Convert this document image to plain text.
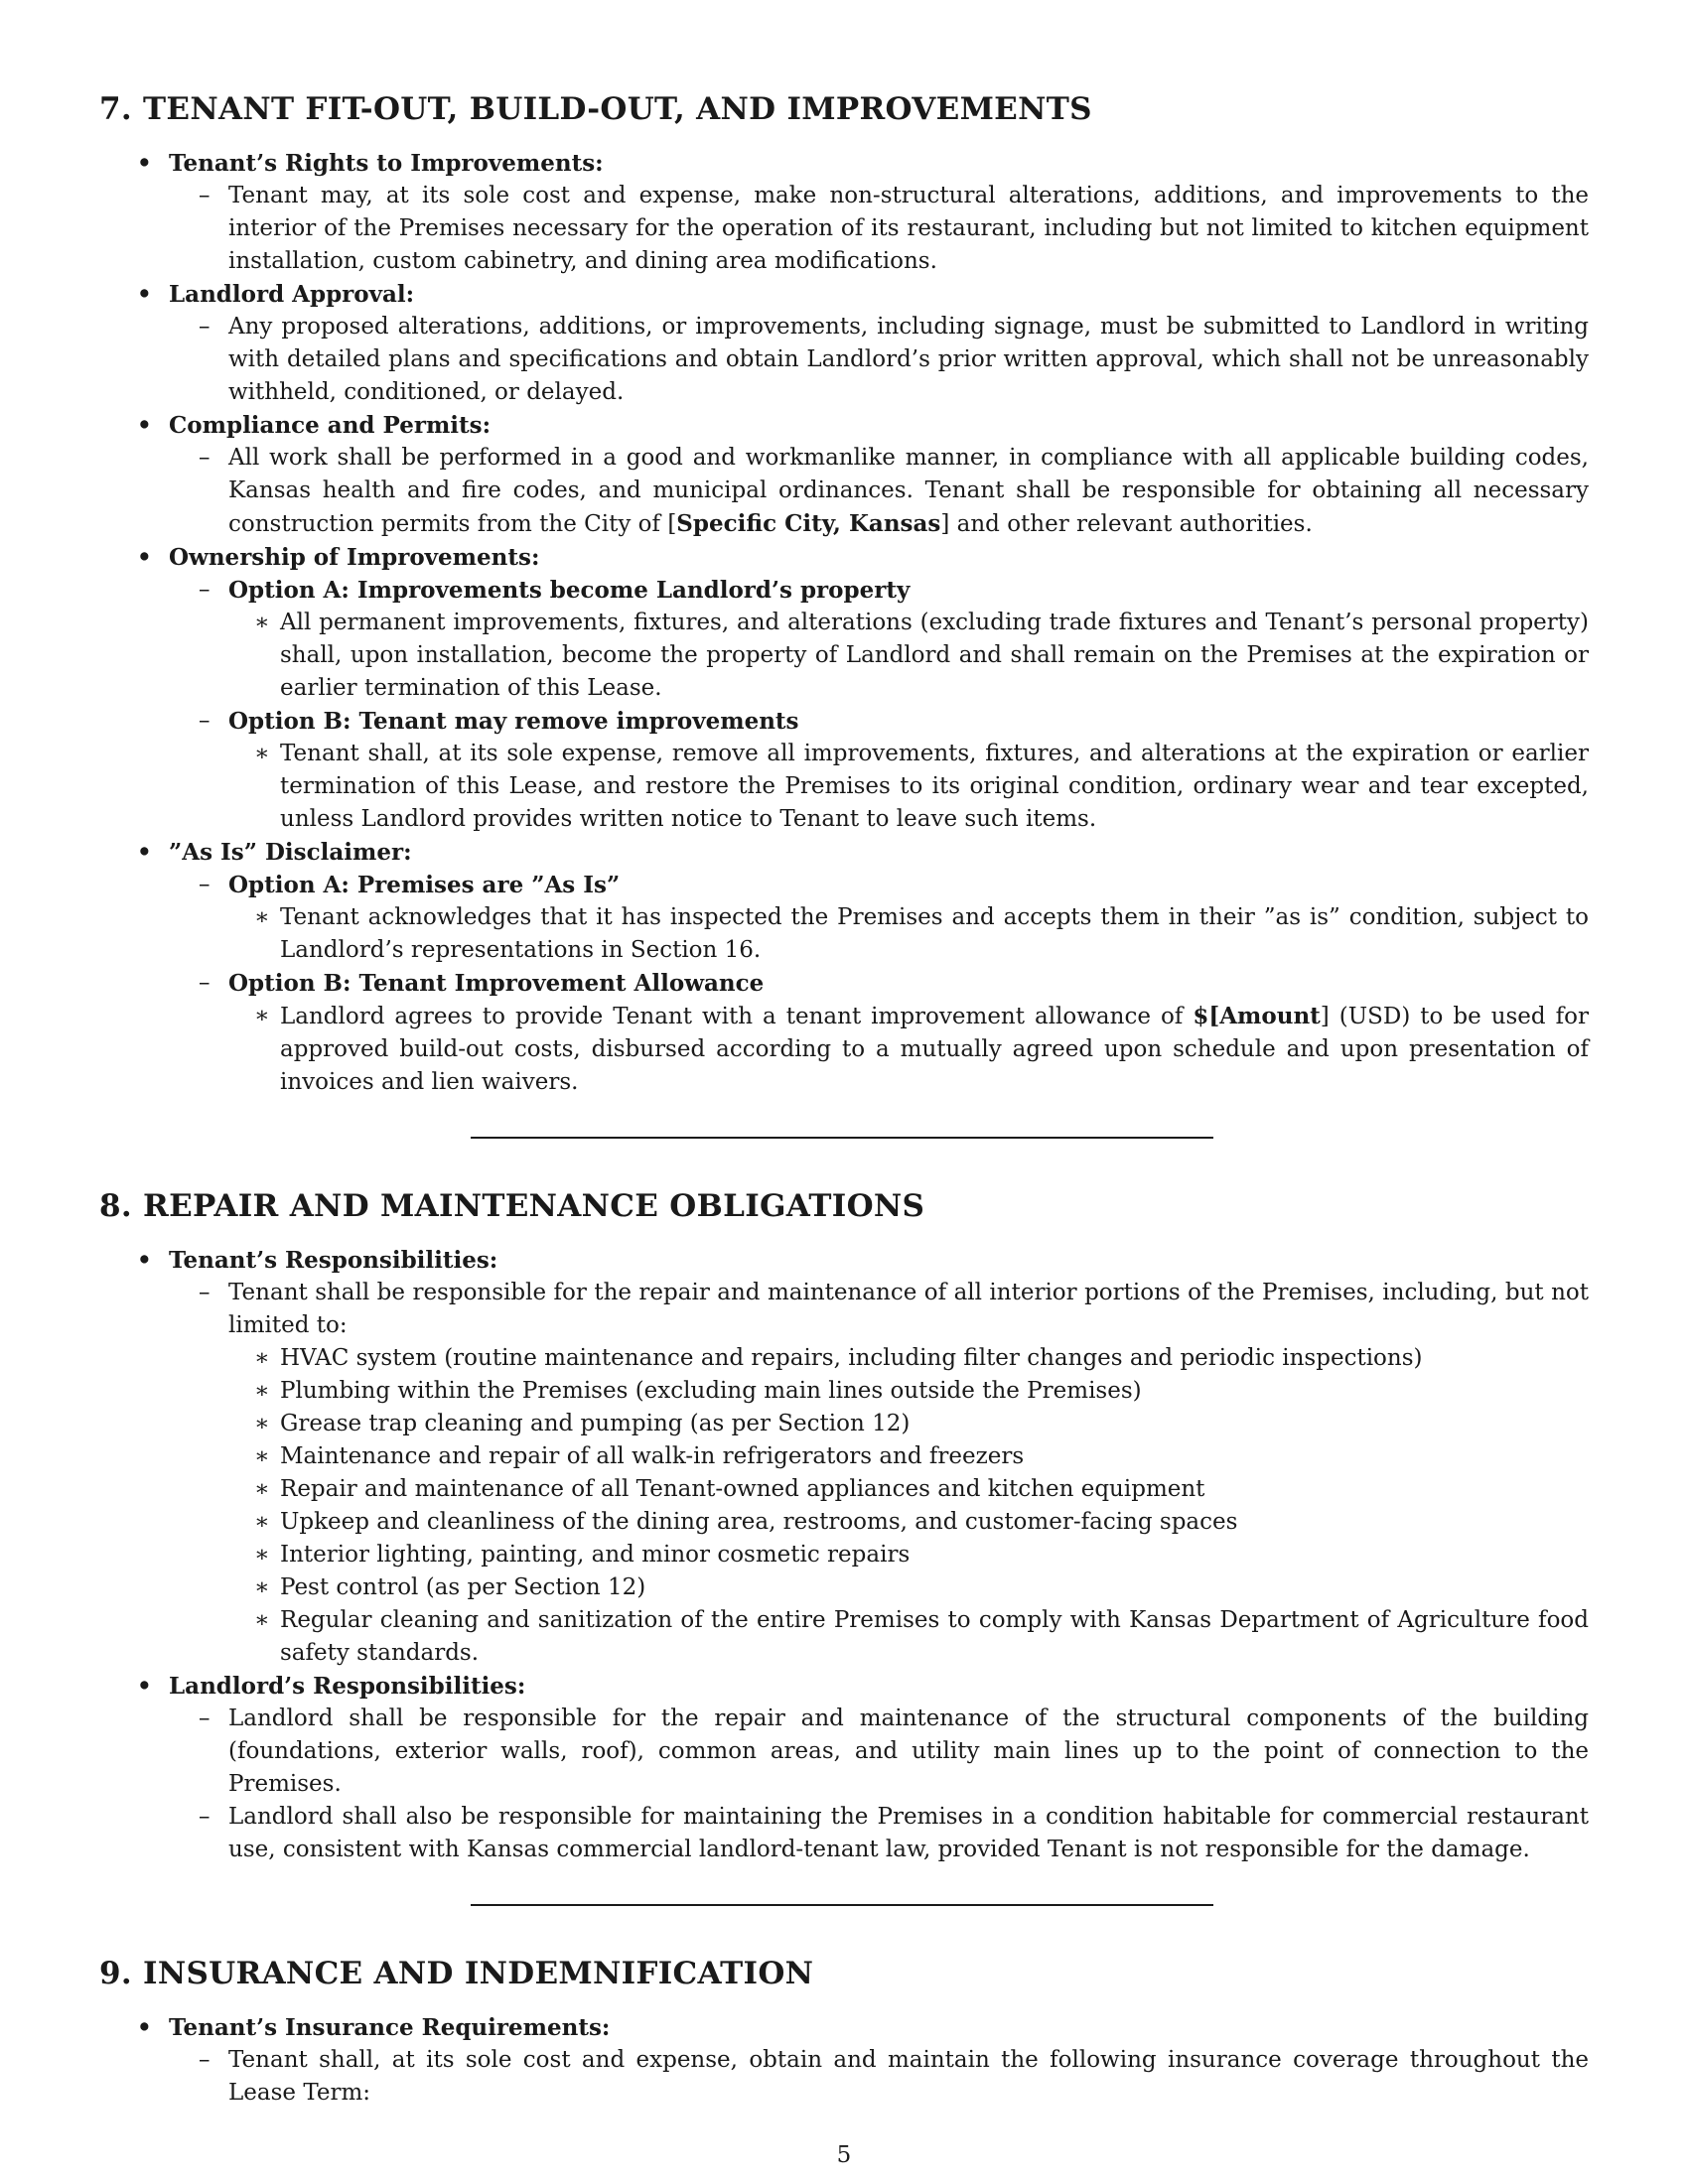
7. TENANT FIT-OUT, BUILD-OUT, AND IMPROVEMENTS
• Tenant’s Rights to Improvements:
– Tenant may, at its sole cost and expense, make non-structural alterations, additions, and improvements to the interior of the Premises necessary for the operation of its restaurant, including but not limited to kitchen equipment installation, custom cabinetry, and dining area modifications.
• Landlord Approval:
– Any proposed alterations, additions, or improvements, including signage, must be submitted to Landlord in writing with detailed plans and specifications and obtain Landlord’s prior written approval, which shall not be unreasonably withheld, conditioned, or delayed.
• Compliance and Permits:
– All work shall be performed in a good and workmanlike manner, in compliance with all applicable building codes, Kansas health and fire codes, and municipal ordinances. Tenant shall be responsible for obtaining all necessary construction permits from the City of [Specific City, Kansas] and other relevant authorities.
• Ownership of Improvements:
– Option A: Improvements become Landlord’s property
∗ All permanent improvements, fixtures, and alterations (excluding trade fixtures and Tenant’s personal property) shall, upon installation, become the property of Landlord and shall remain on the Premises at the expiration or earlier termination of this Lease.
– Option B: Tenant may remove improvements
∗ Tenant shall, at its sole expense, remove all improvements, fixtures, and alterations at the expiration or earlier termination of this Lease, and restore the Premises to its original condition, ordinary wear and tear excepted, unless Landlord provides written notice to Tenant to leave such items.
• ”As Is” Disclaimer:
– Option A: Premises are ”As Is”
∗ Tenant acknowledges that it has inspected the Premises and accepts them in their ”as is” condition, subject to Landlord’s representations in Section 16.
– Option B: Tenant Improvement Allowance
∗ Landlord agrees to provide Tenant with a tenant improvement allowance of $[Amount] (USD) to be used for approved build-out costs, disbursed according to a mutually agreed upon schedule and upon presentation of invoices and lien waivers.
8. REPAIR AND MAINTENANCE OBLIGATIONS
• Tenant’s Responsibilities:
– Tenant shall be responsible for the repair and maintenance of all interior portions of the Premises, including, but not limited to:
∗ HVAC system (routine maintenance and repairs, including filter changes and periodic inspections)
∗ Plumbing within the Premises (excluding main lines outside the Premises)
∗ Grease trap cleaning and pumping (as per Section 12)
∗ Maintenance and repair of all walk-in refrigerators and freezers
∗ Repair and maintenance of all Tenant-owned appliances and kitchen equipment
∗ Upkeep and cleanliness of the dining area, restrooms, and customer-facing spaces
∗ Interior lighting, painting, and minor cosmetic repairs
∗ Pest control (as per Section 12)
∗ Regular cleaning and sanitization of the entire Premises to comply with Kansas Department of Agriculture food safety standards.
• Landlord’s Responsibilities:
– Landlord shall be responsible for the repair and maintenance of the structural components of the building (foundations, exterior walls, roof), common areas, and utility main lines up to the point of connection to the Premises.
– Landlord shall also be responsible for maintaining the Premises in a condition habitable for commercial restaurant use, consistent with Kansas commercial landlord-tenant law, provided Tenant is not responsible for the damage.
9. INSURANCE AND INDEMNIFICATION
• Tenant’s Insurance Requirements:
– Tenant shall, at its sole cost and expense, obtain and maintain the following insurance coverage throughout the Lease Term:
5
